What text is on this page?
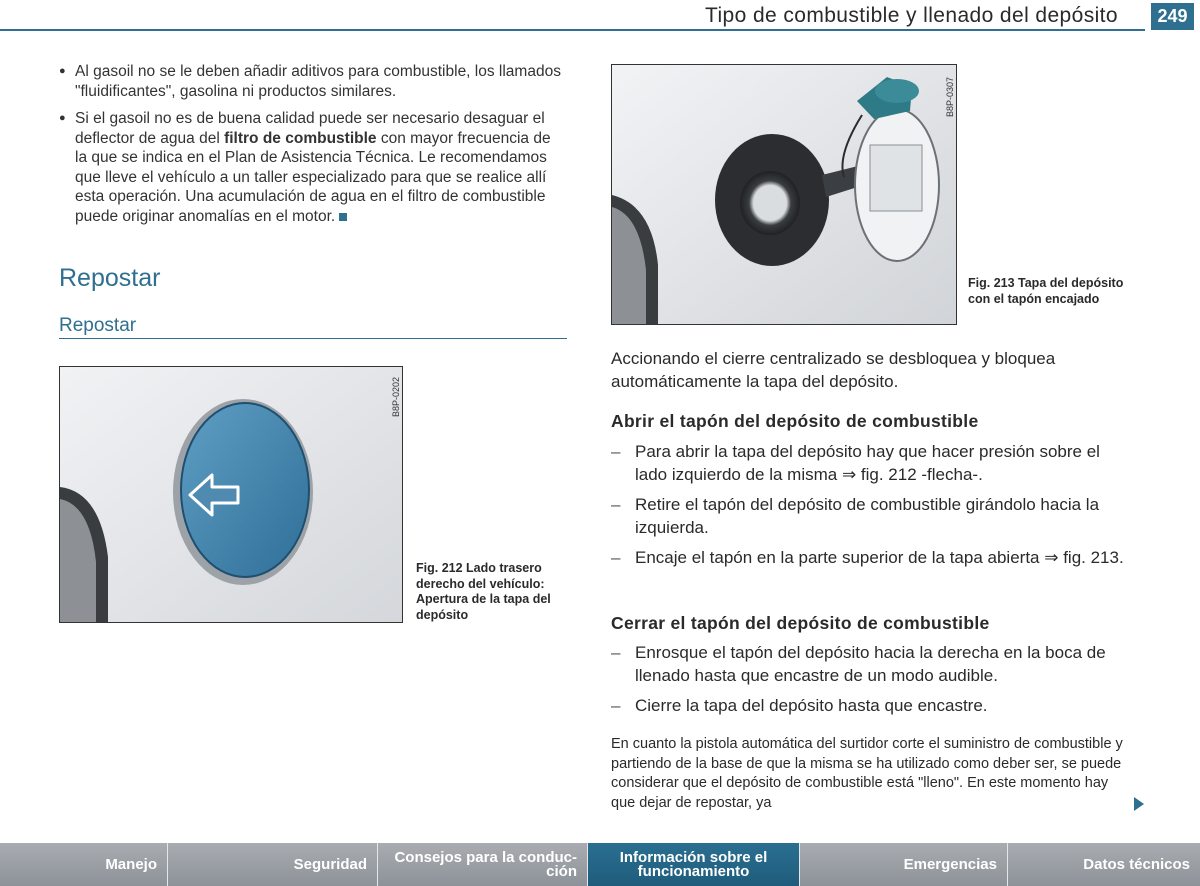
Tipo de combustible y llenado del depósito	249

● Al gasoil no se le deben añadir aditivos para combustible, los llamados "fluidificantes", gasolina ni productos similares.

● Si el gasoil no es de buena calidad puede ser necesario desaguar el deflector de agua del filtro de combustible con mayor frecuencia de la que se indica en el Plan de Asistencia Técnica. Le recomendamos que lleve el vehículo a un taller especializado para que se realice allí esta operación. Una acumulación de agua en el filtro de combustible puede originar anomalías en el motor.

Repostar
Repostar
B8P-0202
Fig. 212 Lado trasero derecho del vehículo: Apertura de la tapa del depósito
B8P-0307
Fig. 213 Tapa del depósito con el tapón encajado
Accionando el cierre centralizado se desbloquea y bloquea automáticamente la tapa del depósito.
Abrir el tapón del depósito de combustible

– Para abrir la tapa del depósito hay que hacer presión sobre el lado izquierdo de la misma ⇒ fig. 212 -flecha-.

– Retire el tapón del depósito de combustible girándolo hacia la izquierda.

– Encaje el tapón en la parte superior de la tapa abierta ⇒ fig. 213.

Cerrar el tapón del depósito de combustible

– Enrosque el tapón del depósito hacia la derecha en la boca de llenado hasta que encastre de un modo audible.

– Cierre la tapa del depósito hasta que encastre.

En cuanto la pistola automática del surtidor corte el suministro de combustible y partiendo de la base de que la misma se ha utilizado como deber ser, se puede considerar que el depósito de combustible está "lleno". En este momento hay que dejar de repostar, ya
Manejo	Seguridad Consejos para la conduc-
ción
Información sobre el
funcionamiento	Emergencias	Datos técnicos
